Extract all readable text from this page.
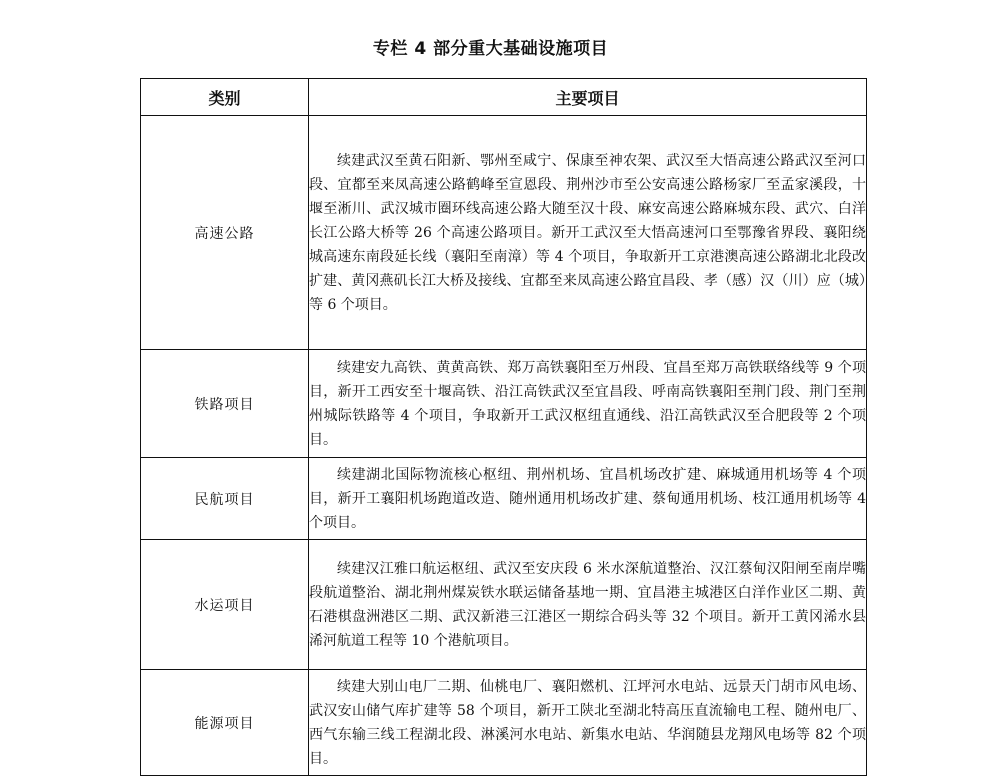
专栏 4 部分重大基础设施项目
类别	主要项目
高速公路	续建武汉至黄石阳新、鄂州至咸宁、保康至神农架、武汉至大悟高速公路武汉至河口段、宜都至来凤高速公路鹤峰至宣恩段、荆州沙市至公安高速公路杨家厂至孟家溪段，十堰至淅川、武汉城市圈环线高速公路大随至汉十段、麻安高速公路麻城东段、武穴、白洋长江公路大桥等 26 个高速公路项目。新开工武汉至大悟高速河口至鄂豫省界段、襄阳绕城高速东南段延长线（襄阳至南漳）等 4 个项目，争取新开工京港澳高速公路湖北北段改扩建、黄冈燕矶长江大桥及接线、宜都至来凤高速公路宜昌段、孝（感）汉（川）应（城）等 6 个项目。
铁路项目	续建安九高铁、黄黄高铁、郑万高铁襄阳至万州段、宜昌至郑万高铁联络线等 9 个项目，新开工西安至十堰高铁、沿江高铁武汉至宜昌段、呼南高铁襄阳至荆门段、荆门至荆州城际铁路等 4 个项目，争取新开工武汉枢纽直通线、沿江高铁武汉至合肥段等 2 个项目。
民航项目	续建湖北国际物流核心枢纽、荆州机场、宜昌机场改扩建、麻城通用机场等 4 个项目，新开工襄阳机场跑道改造、随州通用机场改扩建、蔡甸通用机场、枝江通用机场等 4 个项目。
水运项目	续建汉江雅口航运枢纽、武汉至安庆段 6 米水深航道整治、汉江蔡甸汉阳闸至南岸嘴段航道整治、湖北荆州煤炭铁水联运储备基地一期、宜昌港主城港区白洋作业区二期、黄石港棋盘洲港区二期、武汉新港三江港区一期综合码头等 32 个项目。新开工黄冈浠水县浠河航道工程等 10 个港航项目。
能源项目	续建大别山电厂二期、仙桃电厂、襄阳燃机、江坪河水电站、远景天门胡市风电场、武汉安山储气库扩建等 58 个项目，新开工陕北至湖北特高压直流输电工程、随州电厂、西气东输三线工程湖北段、淋溪河水电站、新集水电站、华润随县龙翔风电场等 82 个项目。
